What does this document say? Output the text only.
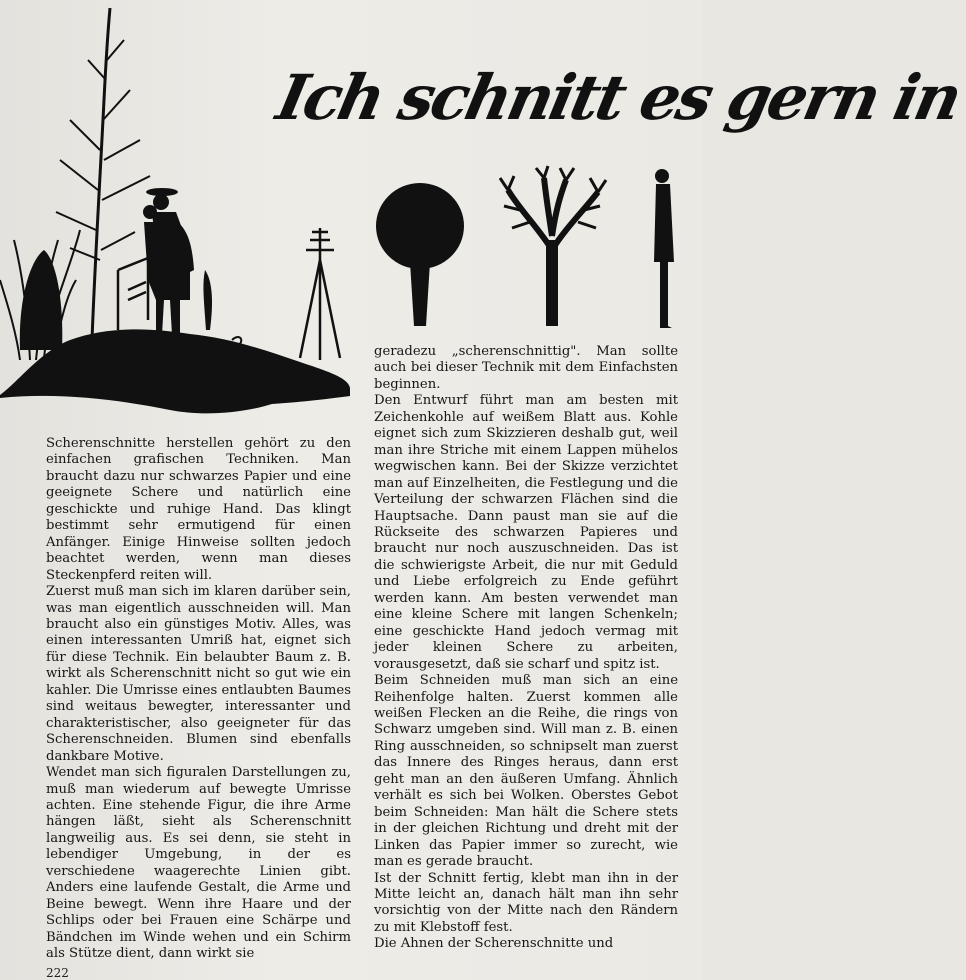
Ich schnitt es gern in

Scherenschnitte herstellen gehört zu den einfachen grafischen Techniken. Man braucht dazu nur schwarzes Papier und eine geeignete Schere und natürlich eine geschickte und ruhige Hand. Das klingt bestimmt sehr ermutigend für einen Anfänger. Einige Hinweise sollten jedoch beachtet werden, wenn man dieses Steckenpferd reiten will.

Zuerst muß man sich im klaren darüber sein, was man eigentlich ausschneiden will. Man braucht also ein günstiges Motiv. Alles, was einen interessanten Umriß hat, eignet sich für diese Technik. Ein belaubter Baum z. B. wirkt als Scherenschnitt nicht so gut wie ein kahler. Die Umrisse eines entlaubten Baumes sind weitaus bewegter, interessanter und charakteristischer, also geeigneter für das Scherenschneiden. Blumen sind ebenfalls dankbare Motive.

Wendet man sich figuralen Darstellungen zu, muß man wiederum auf bewegte Umrisse achten. Eine stehende Figur, die ihre Arme hängen läßt, sieht als Scherenschnitt langweilig aus. Es sei denn, sie steht in lebendiger Umgebung, in der es verschiedene waagerechte Linien gibt. Anders eine laufende Gestalt, die Arme und Beine bewegt. Wenn ihre Haare und der Schlips oder bei Frauen eine Schärpe und Bändchen im Winde wehen und ein Schirm als Stütze dient, dann wirkt sie

geradezu „scherenschnittig". Man sollte auch bei dieser Technik mit dem Einfachsten beginnen.

Den Entwurf führt man am besten mit Zeichenkohle auf weißem Blatt aus. Kohle eignet sich zum Skizzieren deshalb gut, weil man ihre Striche mit einem Lappen mühelos wegwischen kann. Bei der Skizze verzichtet man auf Einzelheiten, die Festlegung und die Verteilung der schwarzen Flächen sind die Hauptsache. Dann paust man sie auf die Rückseite des schwarzen Papieres und braucht nur noch auszuschneiden. Das ist die schwierigste Arbeit, die nur mit Geduld und Liebe erfolgreich zu Ende geführt werden kann. Am besten verwendet man eine kleine Schere mit langen Schenkeln; eine geschickte Hand jedoch vermag mit jeder kleinen Schere zu arbeiten, vorausgesetzt, daß sie scharf und spitz ist.

Beim Schneiden muß man sich an eine Reihenfolge halten. Zuerst kommen alle weißen Flecken an die Reihe, die rings von Schwarz umgeben sind. Will man z. B. einen Ring ausschneiden, so schnipselt man zuerst das Innere des Ringes heraus, dann erst geht man an den äußeren Umfang. Ähnlich verhält es sich bei Wolken. Oberstes Gebot beim Schneiden: Man hält die Schere stets in der gleichen Richtung und dreht mit der Linken das Papier immer so zurecht, wie man es gerade braucht.

Ist der Schnitt fertig, klebt man ihn in der Mitte leicht an, danach hält man ihn sehr vorsichtig von der Mitte nach den Rändern zu mit Klebstoff fest.

Die Ahnen der Scherenschnitte und

222
